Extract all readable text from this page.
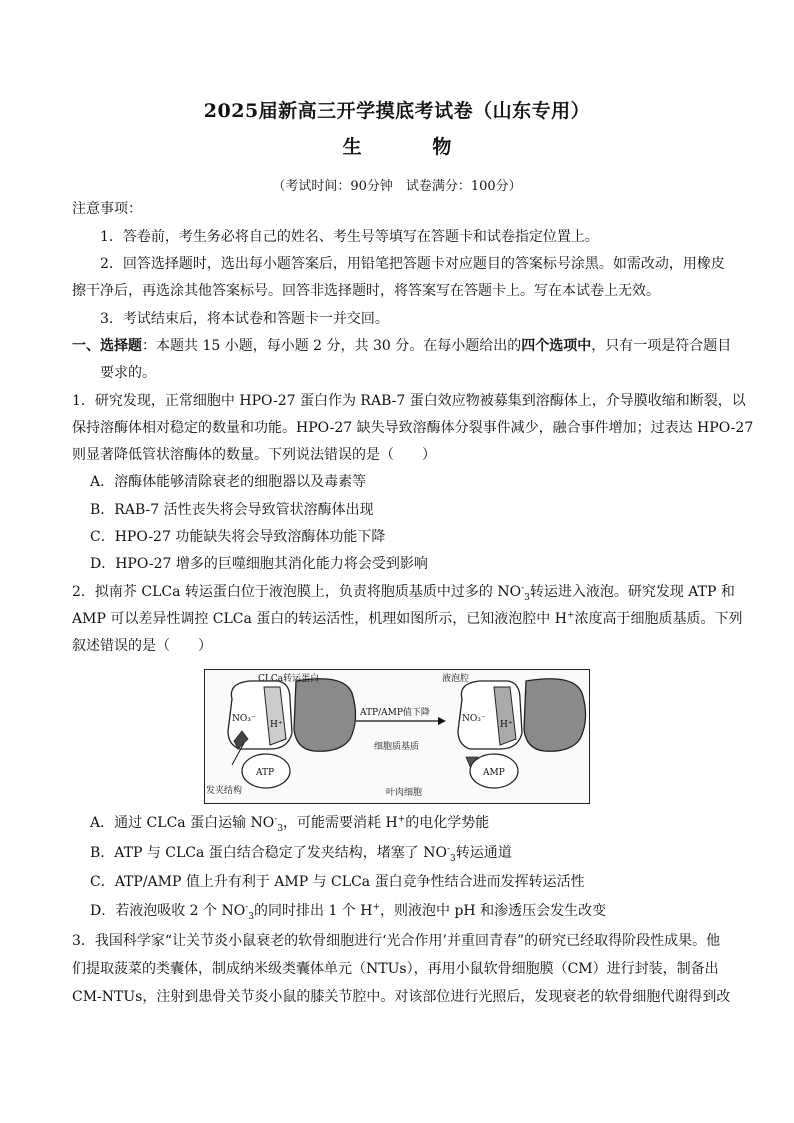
2025届新高三开学摸底考试卷（山东专用）
生	物
（考试时间：90分钟　试卷满分：100分）
注意事项：
1．答卷前，考生务必将自己的姓名、考生号等填写在答题卡和试卷指定位置上。
2．回答选择题时，选出每小题答案后，用铅笔把答题卡对应题目的答案标号涂黑。如需改动，用橡皮
擦干净后，再选涂其他答案标号。回答非选择题时，将答案写在答题卡上。写在本试卷上无效。
3．考试结束后，将本试卷和答题卡一并交回。
一、选择题：本题共 15 小题，每小题 2 分，共 30 分。在每小题给出的四个选项中，只有一项是符合题目
要求的。
1．研究发现，正常细胞中 HPO-27 蛋白作为 RAB-7 蛋白效应物被募集到溶酶体上，介导膜收缩和断裂，以
保持溶酶体相对稳定的数量和功能。HPO-27 缺失导致溶酶体分裂事件减少，融合事件增加；过表达 HPO-27
则显著降低管状溶酶体的数量。下列说法错误的是（　　）
A．溶酶体能够清除衰老的细胞器以及毒素等
B．RAB-7 活性丧失将会导致管状溶酶体出现
C．HPO-27 功能缺失将会导致溶酶体功能下降
D．HPO-27 增多的巨噬细胞其消化能力将会受到影响
2．拟南芥 CLCa 转运蛋白位于液泡膜上，负责将胞质基质中过多的 $NO^-_3$转运进入液泡。研究发现 ATP 和
AMP 可以差异性调控 CLCa 蛋白的转运活性，机理如图所示，已知液泡腔中 H+浓度高于细胞质基质。下列
叙述错误的是（　　）
CLCa转运蛋白	液泡腔
ATP/AMP值下降
细胞质基质
叶肉细胞
发夹结构
ATP	AMP
NO₃⁻
H⁺
NO₃⁻
H⁺
A．通过 CLCa 蛋白运输 $NO^-_3$，可能需要消耗 H+的电化学势能
B．ATP 与 CLCa 蛋白结合稳定了发夹结构，堵塞了 $NO^-_3$转运通道
C．ATP/AMP 值上升有利于 AMP 与 CLCa 蛋白竞争性结合进而发挥转运活性
D．若液泡吸收 2 个 $NO^-_3$的同时排出 1 个 H+，则液泡中 pH 和渗透压会发生改变
3．我国科学家“让关节炎小鼠衰老的软骨细胞进行‘光合作用’并重回青春”的研究已经取得阶段性成果。他
们提取菠菜的类囊体，制成纳米级类囊体单元（NTUs），再用小鼠软骨细胞膜（CM）进行封装，制备出
CM-NTUs，注射到患骨关节炎小鼠的膝关节腔中。对该部位进行光照后，发现衰老的软骨细胞代谢得到改
